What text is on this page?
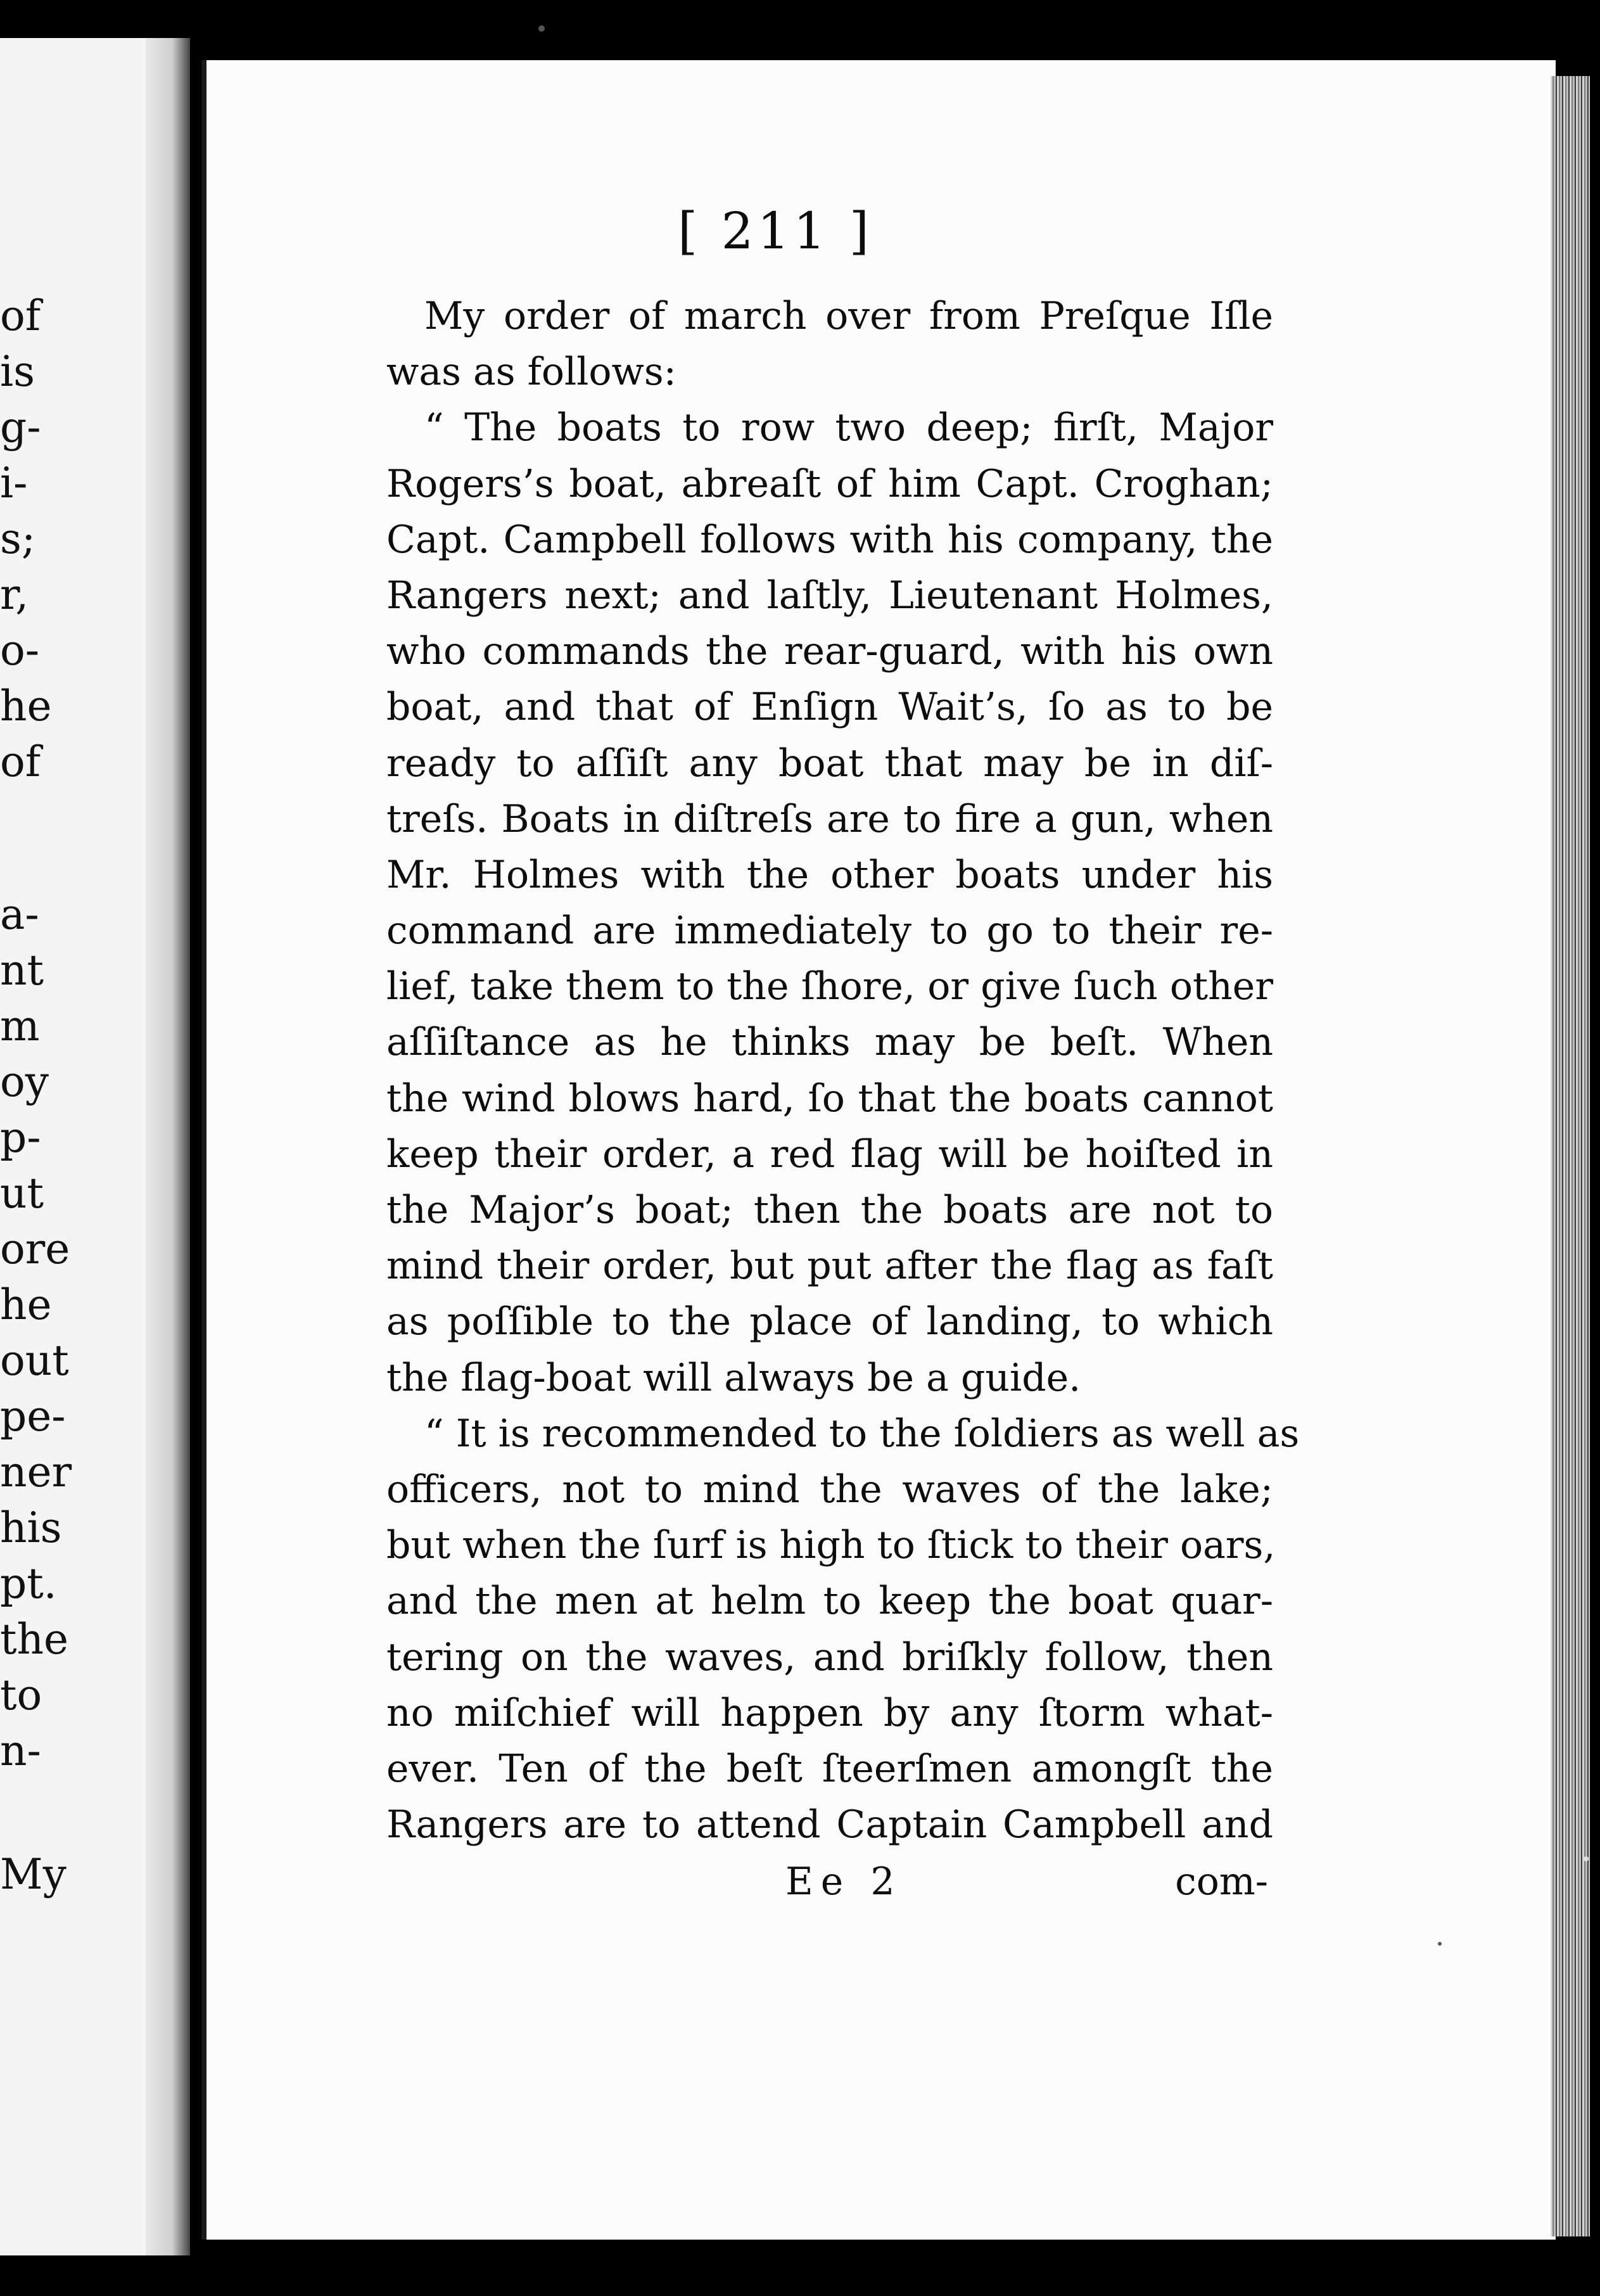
of
is
g-
i-
s;
r,
o-
he
of
a-
nt
m
oy
p-
ut
ore
he
out
pe-
ner
his
pt.
the
to
n-
My
[ 211 ]
My order of march over from Preſque Iſle
was as follows:
“ The boats to row two deep; firſt, Major
Rogers’s boat, abreaſt of him Capt. Croghan;
Capt. Campbell follows with his company, the
Rangers next; and laſtly, Lieutenant Holmes,
who commands the rear-guard, with his own
boat, and that of Enſign Wait’s, ſo as to be
ready to aſſiſt any boat that may be in diſ-
treſs. Boats in diſtreſs are to fire a gun, when
Mr. Holmes with the other boats under his
command are immediately to go to their re-
lief, take them to the ſhore, or give ſuch other
aſſiſtance as he thinks may be beſt. When
the wind blows hard, ſo that the boats cannot
keep their order, a red flag will be hoiſted in
the Major’s boat; then the boats are not to
mind their order, but put after the flag as faſt
as poſſible to the place of landing, to which
the flag-boat will always be a guide.
“ It is recommended to the ſoldiers as well as
officers, not to mind the waves of the lake;
but when the ſurf is high to ſtick to their oars,
and the men at helm to keep the boat quar-
tering on the waves, and briſkly follow, then
no miſchief will happen by any ſtorm what-
ever. Ten of the beſt ſteerſmen amongſt the
Rangers are to attend Captain Campbell and
Ee 2	com-
